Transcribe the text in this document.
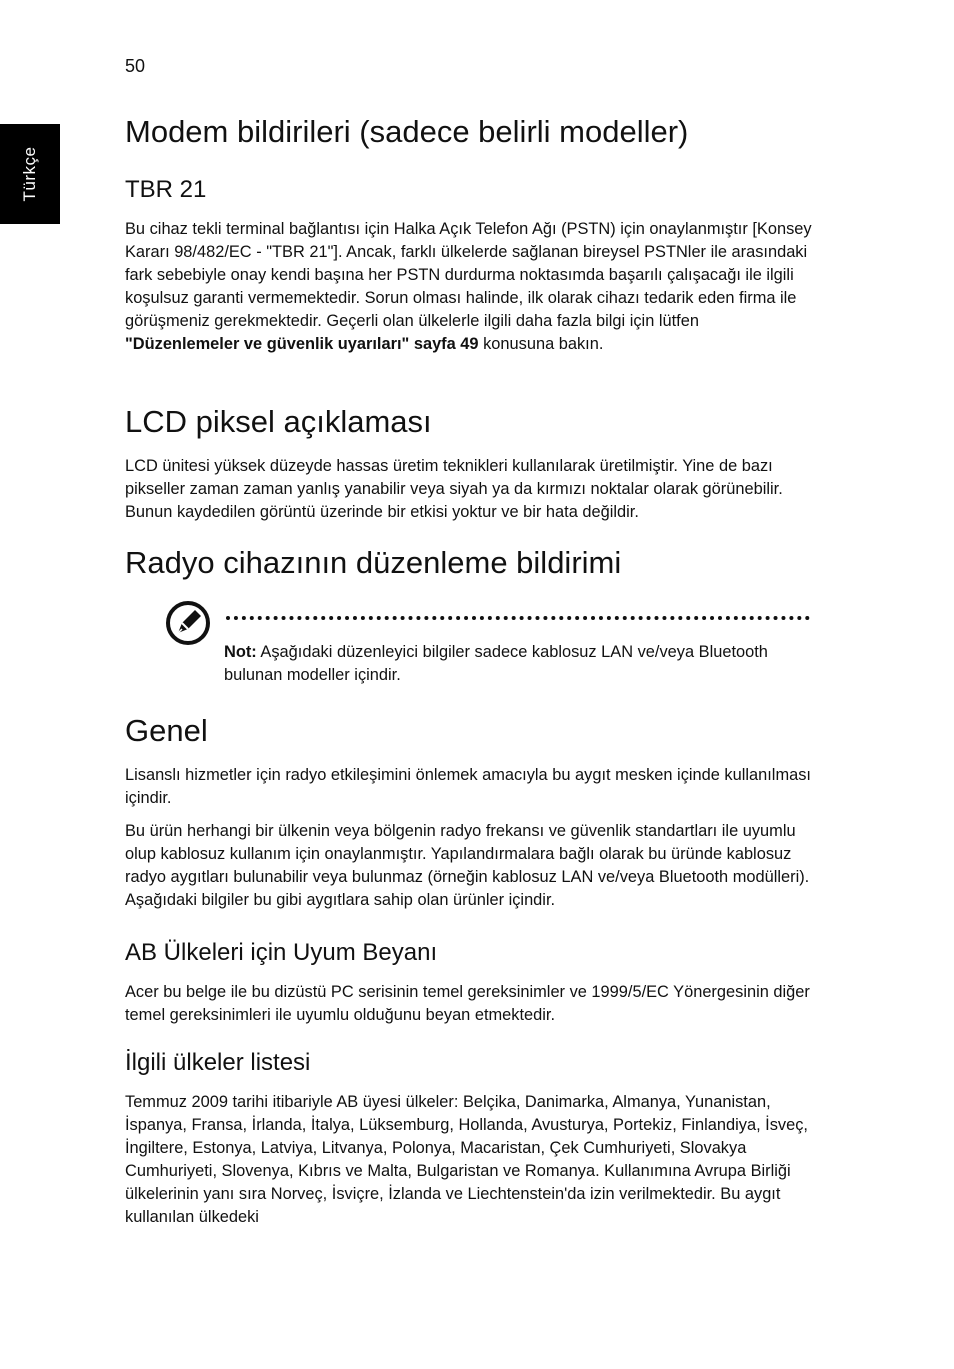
50
Türkçe
Modem bildirileri (sadece belirli modeller)
TBR 21

Bu cihaz tekli terminal bağlantısı için Halka Açık Telefon Ağı (PSTN) için onaylanmıştır [Konsey Kararı 98/482/EC - "TBR 21"]. Ancak, farklı ülkelerde sağlanan bireysel PSTNler ile arasındaki fark sebebiyle onay kendi başına her PSTN durdurma noktasımda başarılı çalışacağı ile ilgili koşulsuz garanti vermemektedir. Sorun olması halinde, ilk olarak cihazı tedarik eden firma ile görüşmeniz gerekmektedir. Geçerli olan ülkelerle ilgili daha fazla bilgi için lütfen "Düzenlemeler ve güvenlik uyarıları" sayfa 49 konusuna bakın.

LCD piksel açıklaması

LCD ünitesi yüksek düzeyde hassas üretim teknikleri kullanılarak üretilmiştir. Yine de bazı pikseller zaman zaman yanlış yanabilir veya siyah ya da kırmızı noktalar olarak görünebilir. Bunun kaydedilen görüntü üzerinde bir etkisi yoktur ve bir hata değildir.

Radyo cihazının düzenleme bildirimi
Genel

Lisanslı hizmetler için radyo etkileşimini önlemek amacıyla bu aygıt mesken içinde kullanılması içindir.

Bu ürün herhangi bir ülkenin veya bölgenin radyo frekansı ve güvenlik standartları ile uyumlu olup kablosuz kullanım için onaylanmıştır. Yapılandırmalara bağlı olarak bu üründe kablosuz radyo aygıtları bulunabilir veya bulunmaz (örneğin kablosuz LAN ve/veya Bluetooth modülleri). Aşağıdaki bilgiler bu gibi aygıtlara sahip olan ürünler içindir.

AB Ülkeleri için Uyum Beyanı

Acer bu belge ile bu dizüstü PC serisinin temel gereksinimler ve 1999/5/EC Yönergesinin diğer temel gereksinimleri ile uyumlu olduğunu beyan etmektedir.

İlgili ülkeler listesi

Temmuz 2009 tarihi itibariyle AB üyesi ülkeler: Belçika, Danimarka, Almanya, Yunanistan, İspanya, Fransa, İrlanda, İtalya, Lüksemburg, Hollanda, Avusturya, Portekiz, Finlandiya, İsveç, İngiltere, Estonya, Latviya, Litvanya, Polonya, Macaristan, Çek Cumhuriyeti, Slovakya Cumhuriyeti, Slovenya, Kıbrıs ve Malta, Bulgaristan ve Romanya. Kullanımına Avrupa Birliği ülkelerinin yanı sıra Norveç, İsviçre, İzlanda ve Liechtenstein'da izin verilmektedir. Bu aygıt kullanılan ülkedeki

Not: Aşağıdaki düzenleyici bilgiler sadece kablosuz LAN ve/veya Bluetooth bulunan modeller içindir.
